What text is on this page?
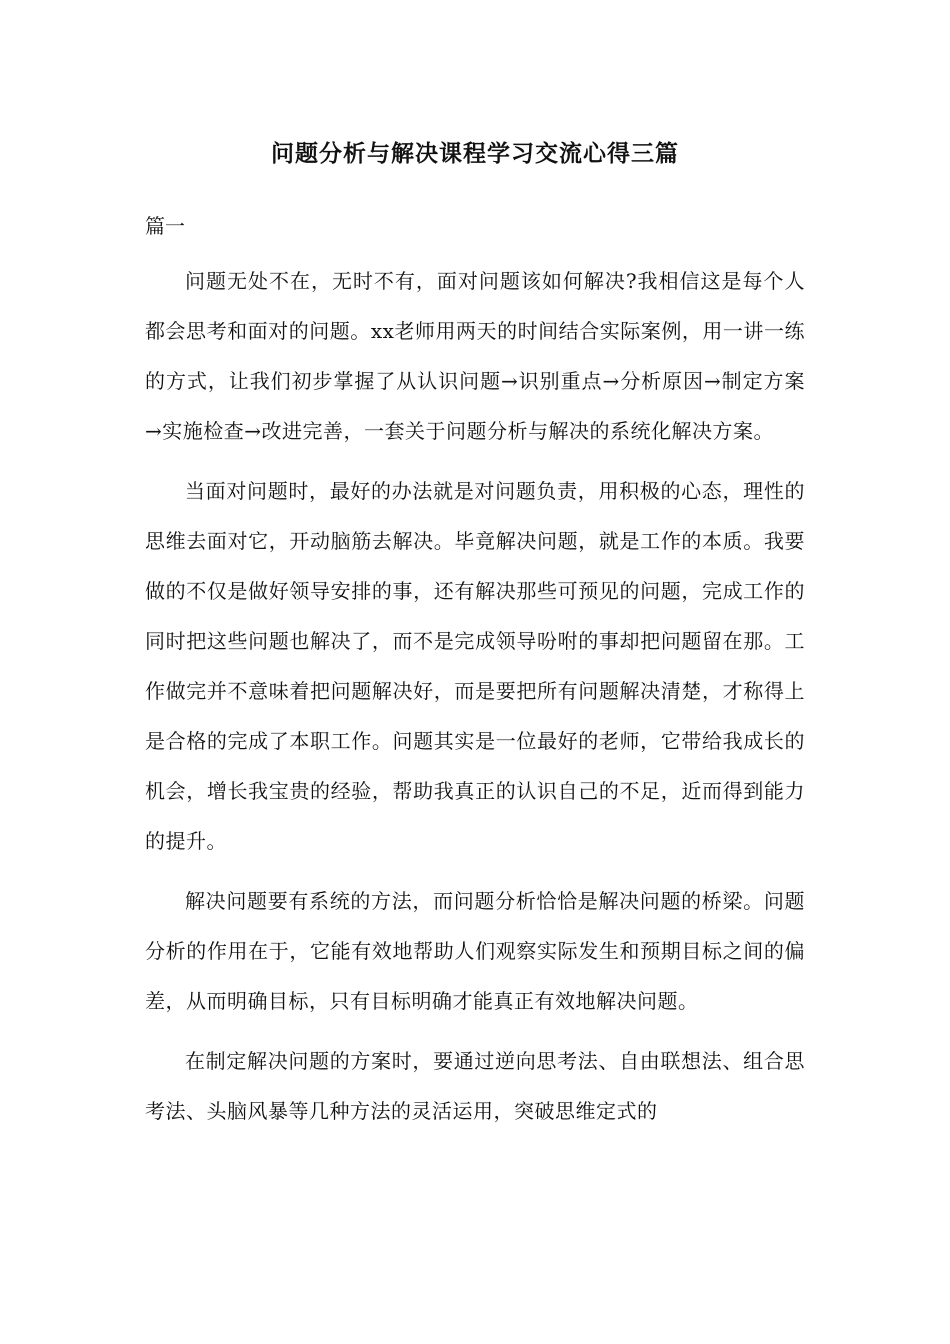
问题分析与解决课程学习交流心得三篇
篇一

问题无处不在，无时不有，面对问题该如何解决?我相信这是每个人都会思考和面对的问题。xx老师用两天的时间结合实际案例，用一讲一练的方式，让我们初步掌握了从认识问题→识别重点→分析原因→制定方案→实施检查→改进完善，一套关于问题分析与解决的系统化解决方案。

当面对问题时，最好的办法就是对问题负责，用积极的心态，理性的思维去面对它，开动脑筋去解决。毕竟解决问题，就是工作的本质。我要做的不仅是做好领导安排的事，还有解决那些可预见的问题，完成工作的同时把这些问题也解决了，而不是完成领导吩咐的事却把问题留在那。工作做完并不意味着把问题解决好，而是要把所有问题解决清楚，才称得上是合格的完成了本职工作。问题其实是一位最好的老师，它带给我成长的机会，增长我宝贵的经验，帮助我真正的认识自己的不足，近而得到能力的提升。

解决问题要有系统的方法，而问题分析恰恰是解决问题的桥梁。问题分析的作用在于，它能有效地帮助人们观察实际发生和预期目标之间的偏差，从而明确目标，只有目标明确才能真正有效地解决问题。

在制定解决问题的方案时，要通过逆向思考法、自由联想法、组合思考法、头脑风暴等几种方法的灵活运用，突破思维定式的
